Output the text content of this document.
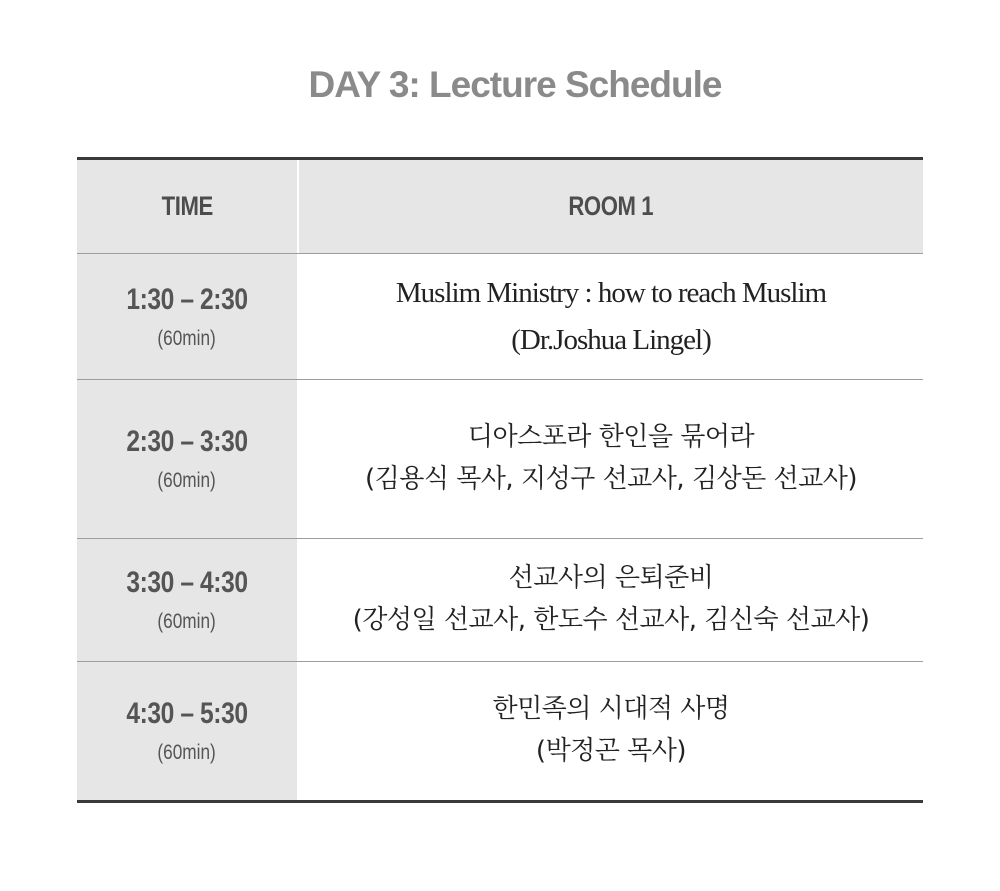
DAY 3: Lecture Schedule
TIME	ROOM 1
1:30 – 2:30
(60min)
Muslim Ministry : how to reach Muslim
(Dr.Joshua Lingel)
2:30 – 3:30
(60min)
디아스포라 한인을 묶어라
(김용식 목사, 지성구 선교사, 김상돈 선교사)
3:30 – 4:30
(60min)
선교사의 은퇴준비
(강성일 선교사, 한도수 선교사, 김신숙 선교사)
4:30 – 5:30
(60min)
한민족의 시대적 사명
(박정곤 목사)
